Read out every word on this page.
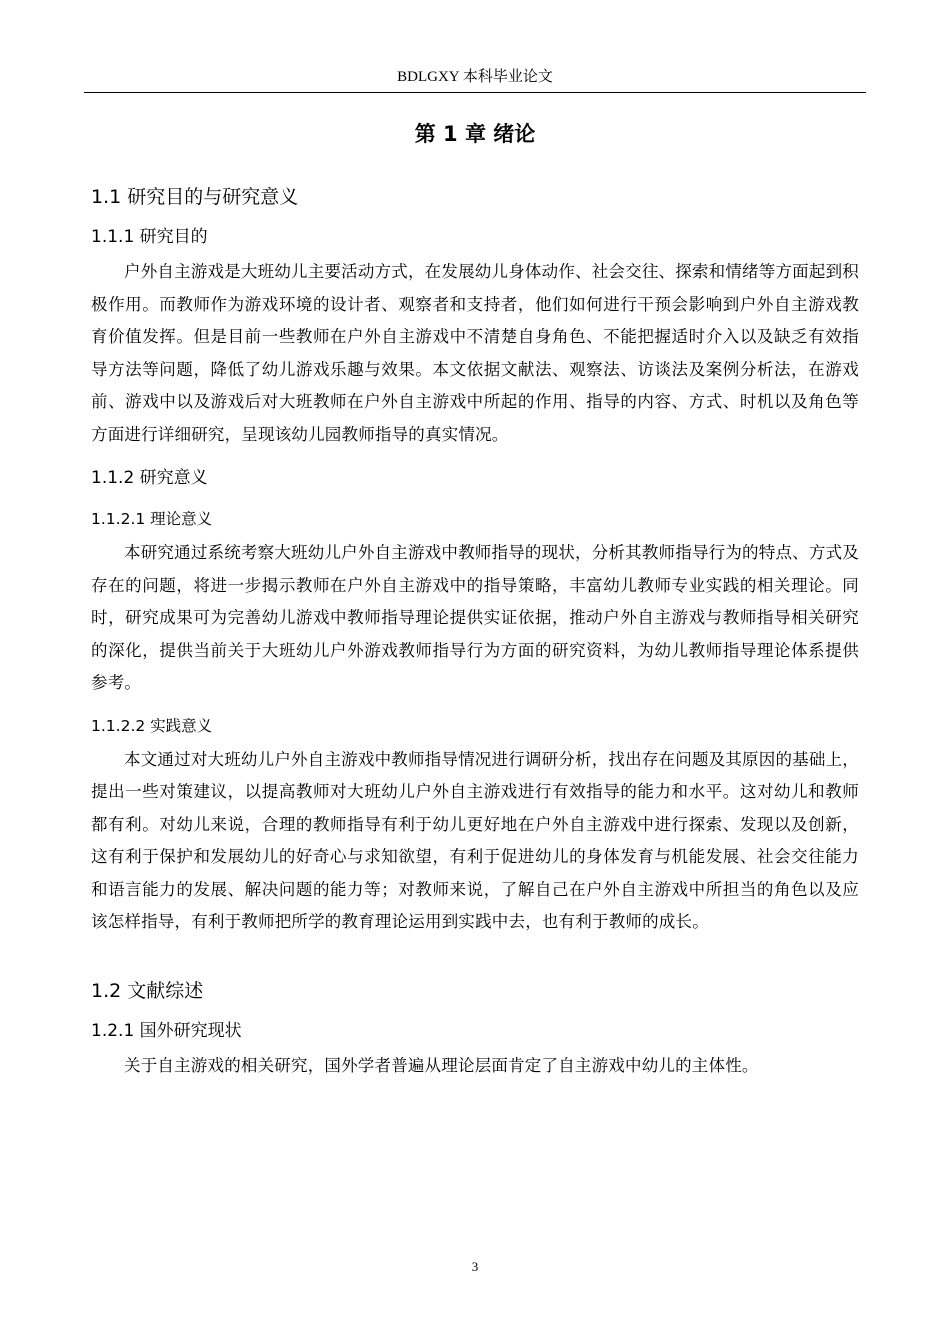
BDLGXY 本科毕业论文
第 1 章 绪论
1.1 研究目的与研究意义
1.1.1 研究目的

户外自主游戏是大班幼儿主要活动方式，在发展幼儿身体动作、社会交往、探索和情绪等方面起到积极作用。而教师作为游戏环境的设计者、观察者和支持者，他们如何进行干预会影响到户外自主游戏教育价值发挥。但是目前一些教师在户外自主游戏中不清楚自身角色、不能把握适时介入以及缺乏有效指导方法等问题，降低了幼儿游戏乐趣与效果。本文依据文献法、观察法、访谈法及案例分析法，在游戏前、游戏中以及游戏后对大班教师在户外自主游戏中所起的作用、指导的内容、方式、时机以及角色等方面进行详细研究，呈现该幼儿园教师指导的真实情况。

1.1.2 研究意义
1.1.2.1 理论意义

本研究通过系统考察大班幼儿户外自主游戏中教师指导的现状，分析其教师指导行为的特点、方式及存在的问题，将进一步揭示教师在户外自主游戏中的指导策略，丰富幼儿教师专业实践的相关理论。同时，研究成果可为完善幼儿游戏中教师指导理论提供实证依据，推动户外自主游戏与教师指导相关研究的深化，提供当前关于大班幼儿户外游戏教师指导行为方面的研究资料，为幼儿教师指导理论体系提供参考。

1.1.2.2 实践意义

本文通过对大班幼儿户外自主游戏中教师指导情况进行调研分析，找出存在问题及其原因的基础上，提出一些对策建议，以提高教师对大班幼儿户外自主游戏进行有效指导的能力和水平。这对幼儿和教师都有利。对幼儿来说，合理的教师指导有利于幼儿更好地在户外自主游戏中进行探索、发现以及创新，这有利于保护和发展幼儿的好奇心与求知欲望，有利于促进幼儿的身体发育与机能发展、社会交往能力和语言能力的发展、解决问题的能力等；对教师来说，了解自己在户外自主游戏中所担当的角色以及应该怎样指导，有利于教师把所学的教育理论运用到实践中去，也有利于教师的成长。

1.2 文献综述
1.2.1 国外研究现状

关于自主游戏的相关研究，国外学者普遍从理论层面肯定了自主游戏中幼儿的主体性。

3
